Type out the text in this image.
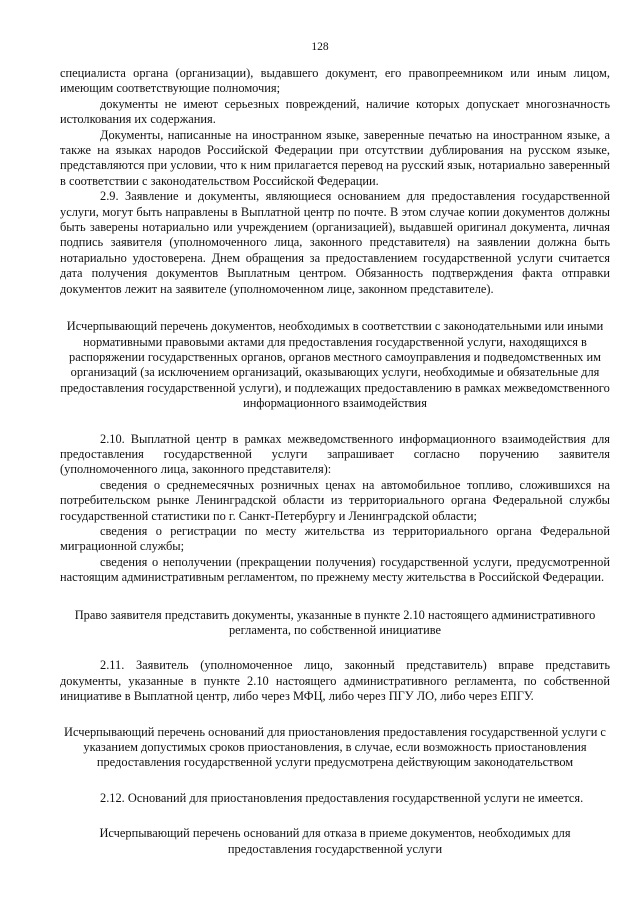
128

специалиста органа (организации), выдавшего документ, его правопреемником или иным лицом, имеющим соответствующие полномочия;

документы не имеют серьезных повреждений, наличие которых допускает многозначность истолкования их содержания.

Документы, написанные на иностранном языке, заверенные печатью на иностранном языке, а также на языках народов Российской Федерации при отсутствии дублирования на русском языке, представляются при условии, что к ним прилагается перевод на русский язык, нотариально заверенный в соответствии с законодательством Российской Федерации.

2.9. Заявление и документы, являющиеся основанием для предоставления государственной услуги, могут быть направлены в Выплатной центр по почте. В этом случае копии документов должны быть заверены нотариально или учреждением (организацией), выдавшей оригинал документа, личная подпись заявителя (уполномоченного лица, законного представителя) на заявлении должна быть нотариально удостоверена. Днем обращения за предоставлением государственной услуги считается дата получения документов Выплатным центром. Обязанность подтверждения факта отправки документов лежит на заявителе (уполномоченном лице, законном представителе).

Исчерпывающий перечень документов, необходимых в соответствии с законодательными или иными нормативными правовыми актами для предоставления государственной услуги, находящихся в распоряжении государственных органов, органов местного самоуправления и подведомственных им организаций (за исключением организаций, оказывающих услуги, необходимые и обязательные для предоставления государственной услуги), и подлежащих предоставлению в рамках межведомственного информационного взаимодействия

2.10. Выплатной центр в рамках межведомственного информационного взаимодействия для предоставления государственной услуги запрашивает согласно поручению заявителя (уполномоченного лица, законного представителя):

сведения о среднемесячных розничных ценах на автомобильное топливо, сложившихся на потребительском рынке Ленинградской области из территориального органа Федеральной службы государственной статистики по г. Санкт-Петербургу и Ленинградской области;

сведения о регистрации по месту жительства из территориального органа Федеральной миграционной службы;

сведения о неполучении (прекращении получения) государственной услуги, предусмотренной настоящим административным регламентом, по прежнему месту жительства в Российской Федерации.

Право заявителя представить документы, указанные в пункте 2.10 настоящего административного регламента, по собственной инициативе

2.11. Заявитель (уполномоченное лицо, законный представитель) вправе представить документы, указанные в пункте 2.10 настоящего административного регламента, по собственной инициативе в Выплатной центр, либо через МФЦ, либо через ПГУ ЛО, либо через ЕПГУ.

Исчерпывающий перечень оснований для приостановления предоставления государственной услуги с указанием допустимых сроков приостановления, в случае, если возможность приостановления предоставления государственной услуги предусмотрена действующим законодательством

2.12. Оснований для приостановления предоставления государственной услуги не имеется.

Исчерпывающий перечень оснований для отказа в приеме документов, необходимых для предоставления государственной услуги
